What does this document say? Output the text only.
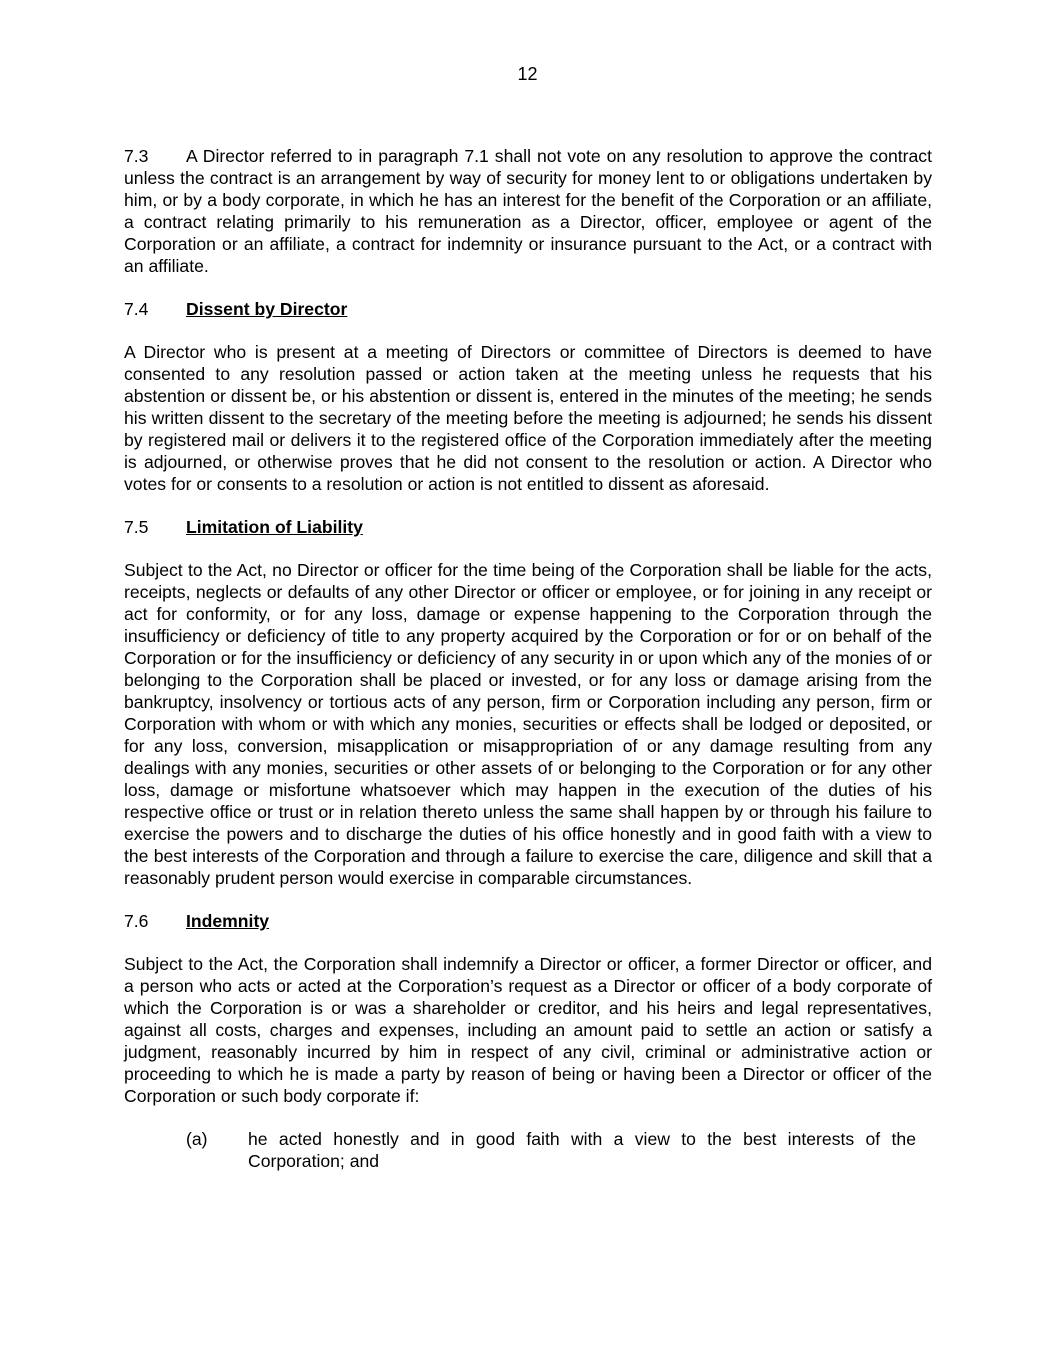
12

7.3 A Director referred to in paragraph 7.1 shall not vote on any resolution to approve the contract unless the contract is an arrangement by way of security for money lent to or obligations undertaken by him, or by a body corporate, in which he has an interest for the benefit of the Corporation or an affiliate, a contract relating primarily to his remuneration as a Director, officer, employee or agent of the Corporation or an affiliate, a contract for indemnity or insurance pursuant to the Act, or a contract with an affiliate.

7.4 Dissent by Director

A Director who is present at a meeting of Directors or committee of Directors is deemed to have consented to any resolution passed or action taken at the meeting unless he requests that his abstention or dissent be, or his abstention or dissent is, entered in the minutes of the meeting; he sends his written dissent to the secretary of the meeting before the meeting is adjourned; he sends his dissent by registered mail or delivers it to the registered office of the Corporation immediately after the meeting is adjourned, or otherwise proves that he did not consent to the resolution or action. A Director who votes for or consents to a resolution or action is not entitled to dissent as aforesaid.

7.5 Limitation of Liability

Subject to the Act, no Director or officer for the time being of the Corporation shall be liable for the acts, receipts, neglects or defaults of any other Director or officer or employee, or for joining in any receipt or act for conformity, or for any loss, damage or expense happening to the Corporation through the insufficiency or deficiency of title to any property acquired by the Corporation or for or on behalf of the Corporation or for the insufficiency or deficiency of any security in or upon which any of the monies of or belonging to the Corporation shall be placed or invested, or for any loss or damage arising from the bankruptcy, insolvency or tortious acts of any person, firm or Corporation including any person, firm or Corporation with whom or with which any monies, securities or effects shall be lodged or deposited, or for any loss, conversion, misapplication or misappropriation of or any damage resulting from any dealings with any monies, securities or other assets of or belonging to the Corporation or for any other loss, damage or misfortune whatsoever which may happen in the execution of the duties of his respective office or trust or in relation thereto unless the same shall happen by or through his failure to exercise the powers and to discharge the duties of his office honestly and in good faith with a view to the best interests of the Corporation and through a failure to exercise the care, diligence and skill that a reasonably prudent person would exercise in comparable circumstances.

7.6 Indemnity

Subject to the Act, the Corporation shall indemnify a Director or officer, a former Director or officer, and a person who acts or acted at the Corporation’s request as a Director or officer of a body corporate of which the Corporation is or was a shareholder or creditor, and his heirs and legal representatives, against all costs, charges and expenses, including an amount paid to settle an action or satisfy a judgment, reasonably incurred by him in respect of any civil, criminal or administrative action or proceeding to which he is made a party by reason of being or having been a Director or officer of the Corporation or such body corporate if:

(a)	he acted honestly and in good faith with a view to the best interests of the Corporation; and
